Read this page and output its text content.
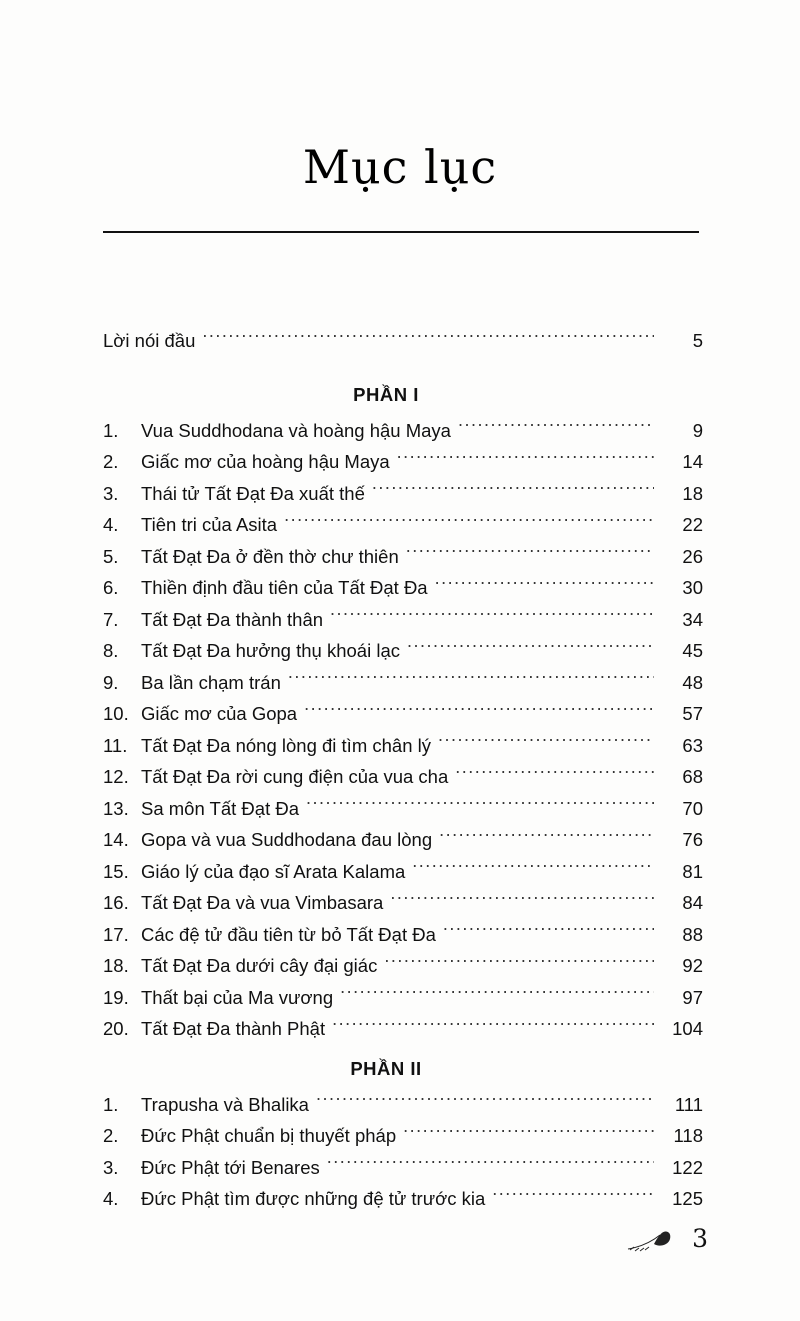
Mục lục
Lời nói đầu .....	5
PHẦN I
1.	Vua Suddhodana và hoàng hậu Maya .....	9
2.	Giấc mơ của hoàng hậu Maya .....	14
3.	Thái tử Tất Đạt Đa xuất thế .....	18
4.	Tiên tri của Asita .....	22
5.	Tất Đạt Đa ở đền thờ chư thiên .....	26
6.	Thiền định đầu tiên của Tất Đạt Đa .....	30
7.	Tất Đạt Đa thành thân .....	34
8.	Tất Đạt Đa hưởng thụ khoái lạc .....	45
9.	Ba lần chạm trán .....	48
10. Giấc mơ của Gopa .....	57
11. Tất Đạt Đa nóng lòng đi tìm chân lý .....	63
12. Tất Đạt Đa rời cung điện của vua cha .....	68
13. Sa môn Tất Đạt Đa .....	70
14. Gopa và vua Suddhodana đau lòng .....	76
15. Giáo lý của đạo sĩ Arata Kalama .....	81
16. Tất Đạt Đa và vua Vimbasara .....	84
17. Các đệ tử đầu tiên từ bỏ Tất Đạt Đa .....	88
18. Tất Đạt Đa dưới cây đại giác .....	92
19. Thất bại của Ma vương .....	97
20. Tất Đạt Đa thành Phật .....	104
PHẦN II
1.	Trapusha và Bhalika .....	111
2.	Đức Phật chuẩn bị thuyết pháp .....	118
3.	Đức Phật tới Benares .....	122
4.	Đức Phật tìm được những đệ tử trước kia .....	125
3
